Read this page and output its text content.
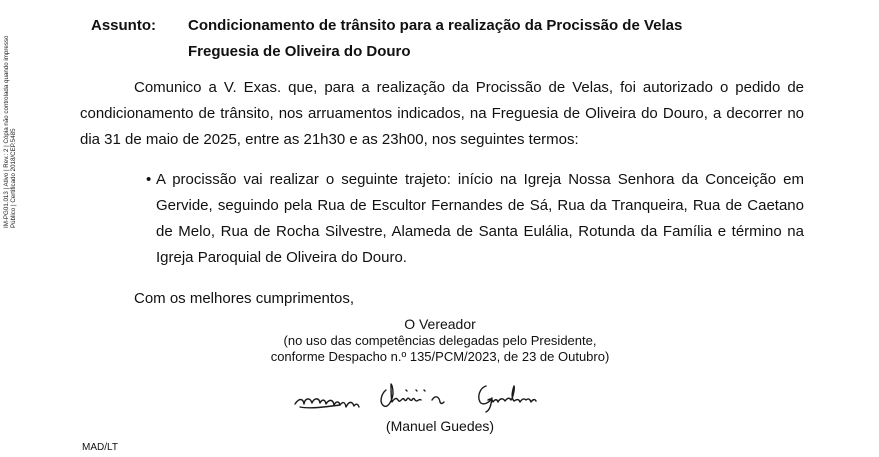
IM-PG01.013 | Ativo | Rev.: 2 | Cópia não controlada quando impresso Público | Certificado 2018/CEP.5485
Assunto:	Condicionamento de trânsito para a realização da Procissão de Velas
Freguesia de Oliveira do Douro
Comunico a V. Exas. que, para a realização da Procissão de Velas, foi autorizado o pedido de condicionamento de trânsito, nos arruamentos indicados, na Freguesia de Oliveira do Douro, a decorrer no dia 31 de maio de 2025, entre as 21h30 e as 23h00, nos seguintes termos:
• A procissão vai realizar o seguinte trajeto: início na Igreja Nossa Senhora da Conceição em Gervide, seguindo pela Rua de Escultor Fernandes de Sá, Rua da Tranqueira, Rua de Caetano de Melo, Rua de Rocha Silvestre, Alameda de Santa Eulália, Rotunda da Família e término na Igreja Paroquial de Oliveira do Douro.
Com os melhores cumprimentos,
O Vereador
(no uso das competências delegadas pelo Presidente,
conforme Despacho n.º 135/PCM/2023, de 23 de Outubro)
(Manuel Guedes)
MAD/LT
